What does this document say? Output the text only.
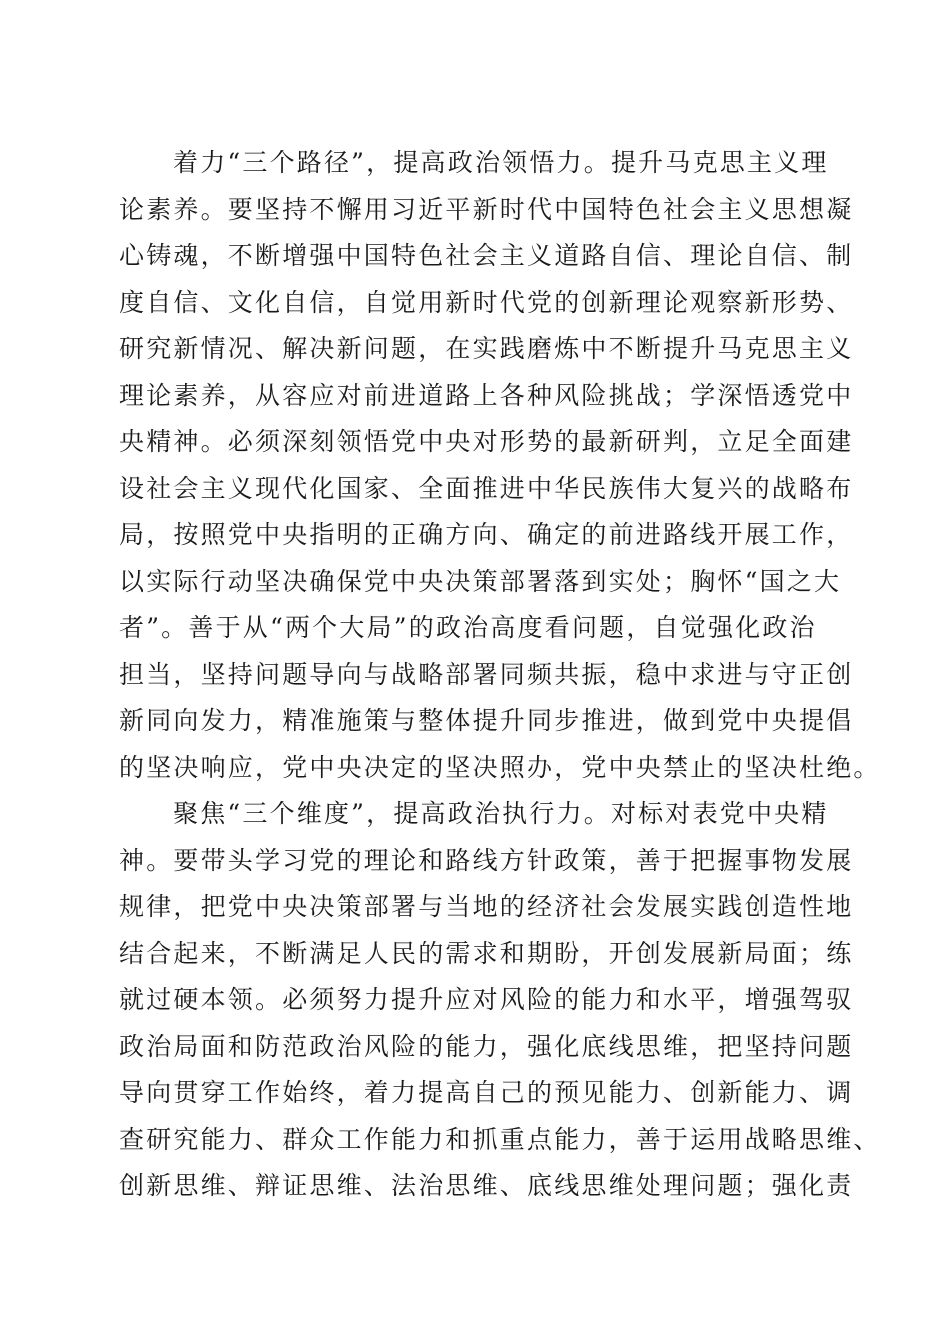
着力“三个路径”，提高政治领悟力。提升马克思主义理
论素养。要坚持不懈用习近平新时代中国特色社会主义思想凝
心铸魂，不断增强中国特色社会主义道路自信、理论自信、制
度自信、文化自信，自觉用新时代党的创新理论观察新形势、
研究新情况、解决新问题，在实践磨炼中不断提升马克思主义
理论素养，从容应对前进道路上各种风险挑战；学深悟透党中
央精神。必须深刻领悟党中央对形势的最新研判，立足全面建
设社会主义现代化国家、全面推进中华民族伟大复兴的战略布
局，按照党中央指明的正确方向、确定的前进路线开展工作，
以实际行动坚决确保党中央决策部署落到实处；胸怀“国之大
者”。善于从“两个大局”的政治高度看问题，自觉强化政治
担当，坚持问题导向与战略部署同频共振，稳中求进与守正创
新同向发力，精准施策与整体提升同步推进，做到党中央提倡
的坚决响应，党中央决定的坚决照办，党中央禁止的坚决杜绝。
聚焦“三个维度”，提高政治执行力。对标对表党中央精
神。要带头学习党的理论和路线方针政策，善于把握事物发展
规律，把党中央决策部署与当地的经济社会发展实践创造性地
结合起来，不断满足人民的需求和期盼，开创发展新局面；练
就过硬本领。必须努力提升应对风险的能力和水平，增强驾驭
政治局面和防范政治风险的能力，强化底线思维，把坚持问题
导向贯穿工作始终，着力提高自己的预见能力、创新能力、调
查研究能力、群众工作能力和抓重点能力，善于运用战略思维、
创新思维、辩证思维、法治思维、底线思维处理问题；强化责
